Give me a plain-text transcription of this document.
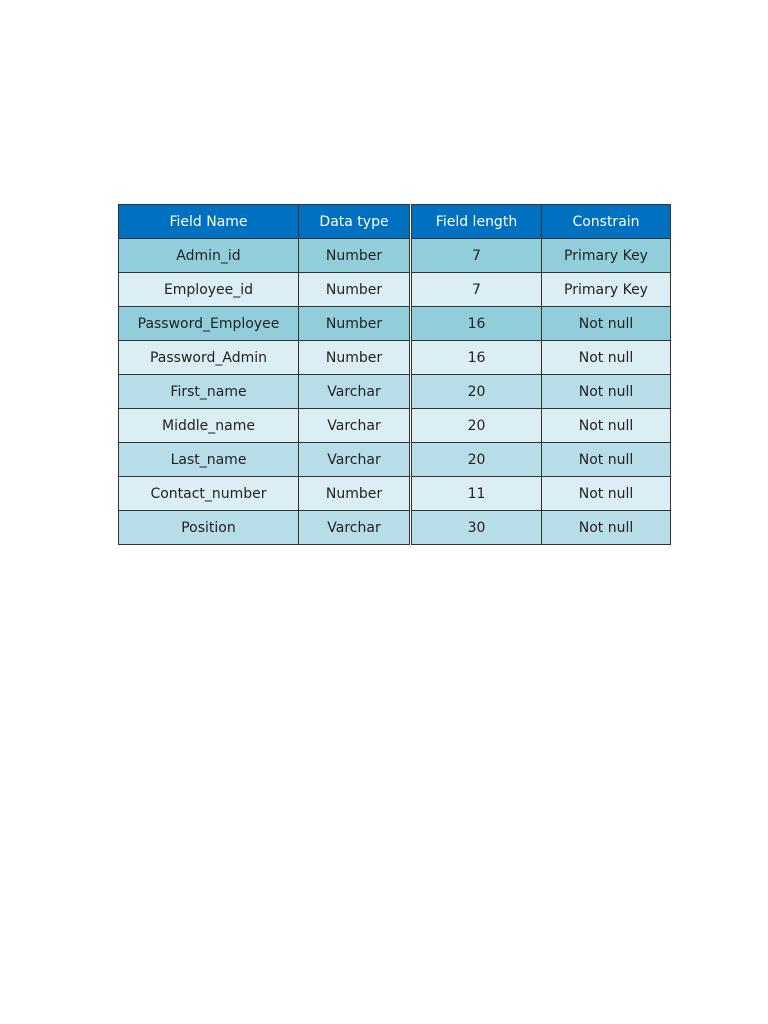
Field Name	Data type	Field length	Constrain
Admin_id	Number	7	Primary Key
Employee_id	Number	7	Primary Key
Password_Employee	Number	16	Not null
Password_Admin	Number	16	Not null
First_name	Varchar	20	Not null
Middle_name	Varchar	20	Not null
Last_name	Varchar	20	Not null
Contact_number	Number	11	Not null
Position	Varchar	30	Not null
